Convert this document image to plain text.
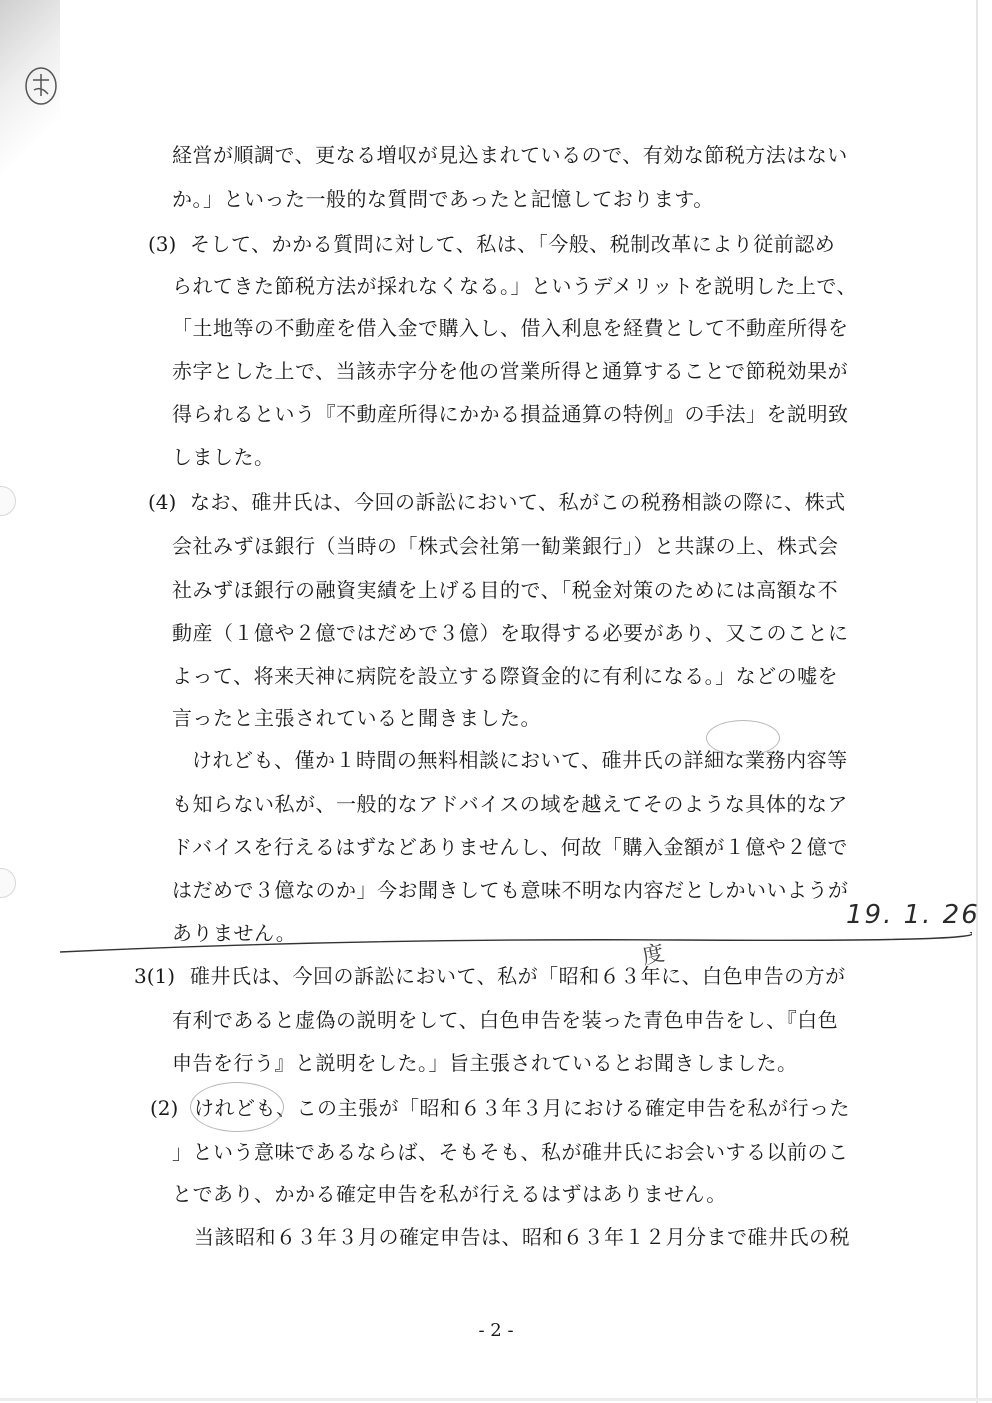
経営が順調で、更なる増収が見込まれているので、有効な節税方法はない
か。」といった一般的な質問であったと記憶しております。
(3) そして、かかる質問に対して、私は、「今般、税制改革により従前認め
られてきた節税方法が採れなくなる。」というデメリットを説明した上で、
「土地等の不動産を借入金で購入し、借入利息を経費として不動産所得を
赤字とした上で、当該赤字分を他の営業所得と通算することで節税効果が
得られるという『不動産所得にかかる損益通算の特例』の手法」を説明致
しました。
(4) なお、碓井氏は、今回の訴訟において、私がこの税務相談の際に、株式
会社みずほ銀行（当時の「株式会社第一勧業銀行」）と共謀の上、株式会
社みずほ銀行の融資実績を上げる目的で、「税金対策のためには高額な不
動産（１億や２億ではだめで３億）を取得する必要があり、又このことに
よって、将来天神に病院を設立する際資金的に有利になる。」などの嘘を
言ったと主張されていると聞きました。
けれども、僅か１時間の無料相談において、碓井氏の詳細な業務内容等
も知らない私が、一般的なアドバイスの域を越えてそのような具体的なア
ドバイスを行えるはずなどありませんし、何故「購入金額が１億や２億で
はだめで３億なのか」今お聞きしても意味不明な内容だとしかいいようが
ありません。
19. 1. 26
度
3(1) 碓井氏は、今回の訴訟において、私が「昭和６３年に、白色申告の方が
有利であると虚偽の説明をして、白色申告を装った青色申告をし、『白色
申告を行う』と説明をした。」旨主張されているとお聞きしました。
(2) けれども、この主張が「昭和６３年３月における確定申告を私が行った
」という意味であるならば、そもそも、私が碓井氏にお会いする以前のこ
とであり、かかる確定申告を私が行えるはずはありません。
当該昭和６３年３月の確定申告は、昭和６３年１２月分まで碓井氏の税
- 2 -
